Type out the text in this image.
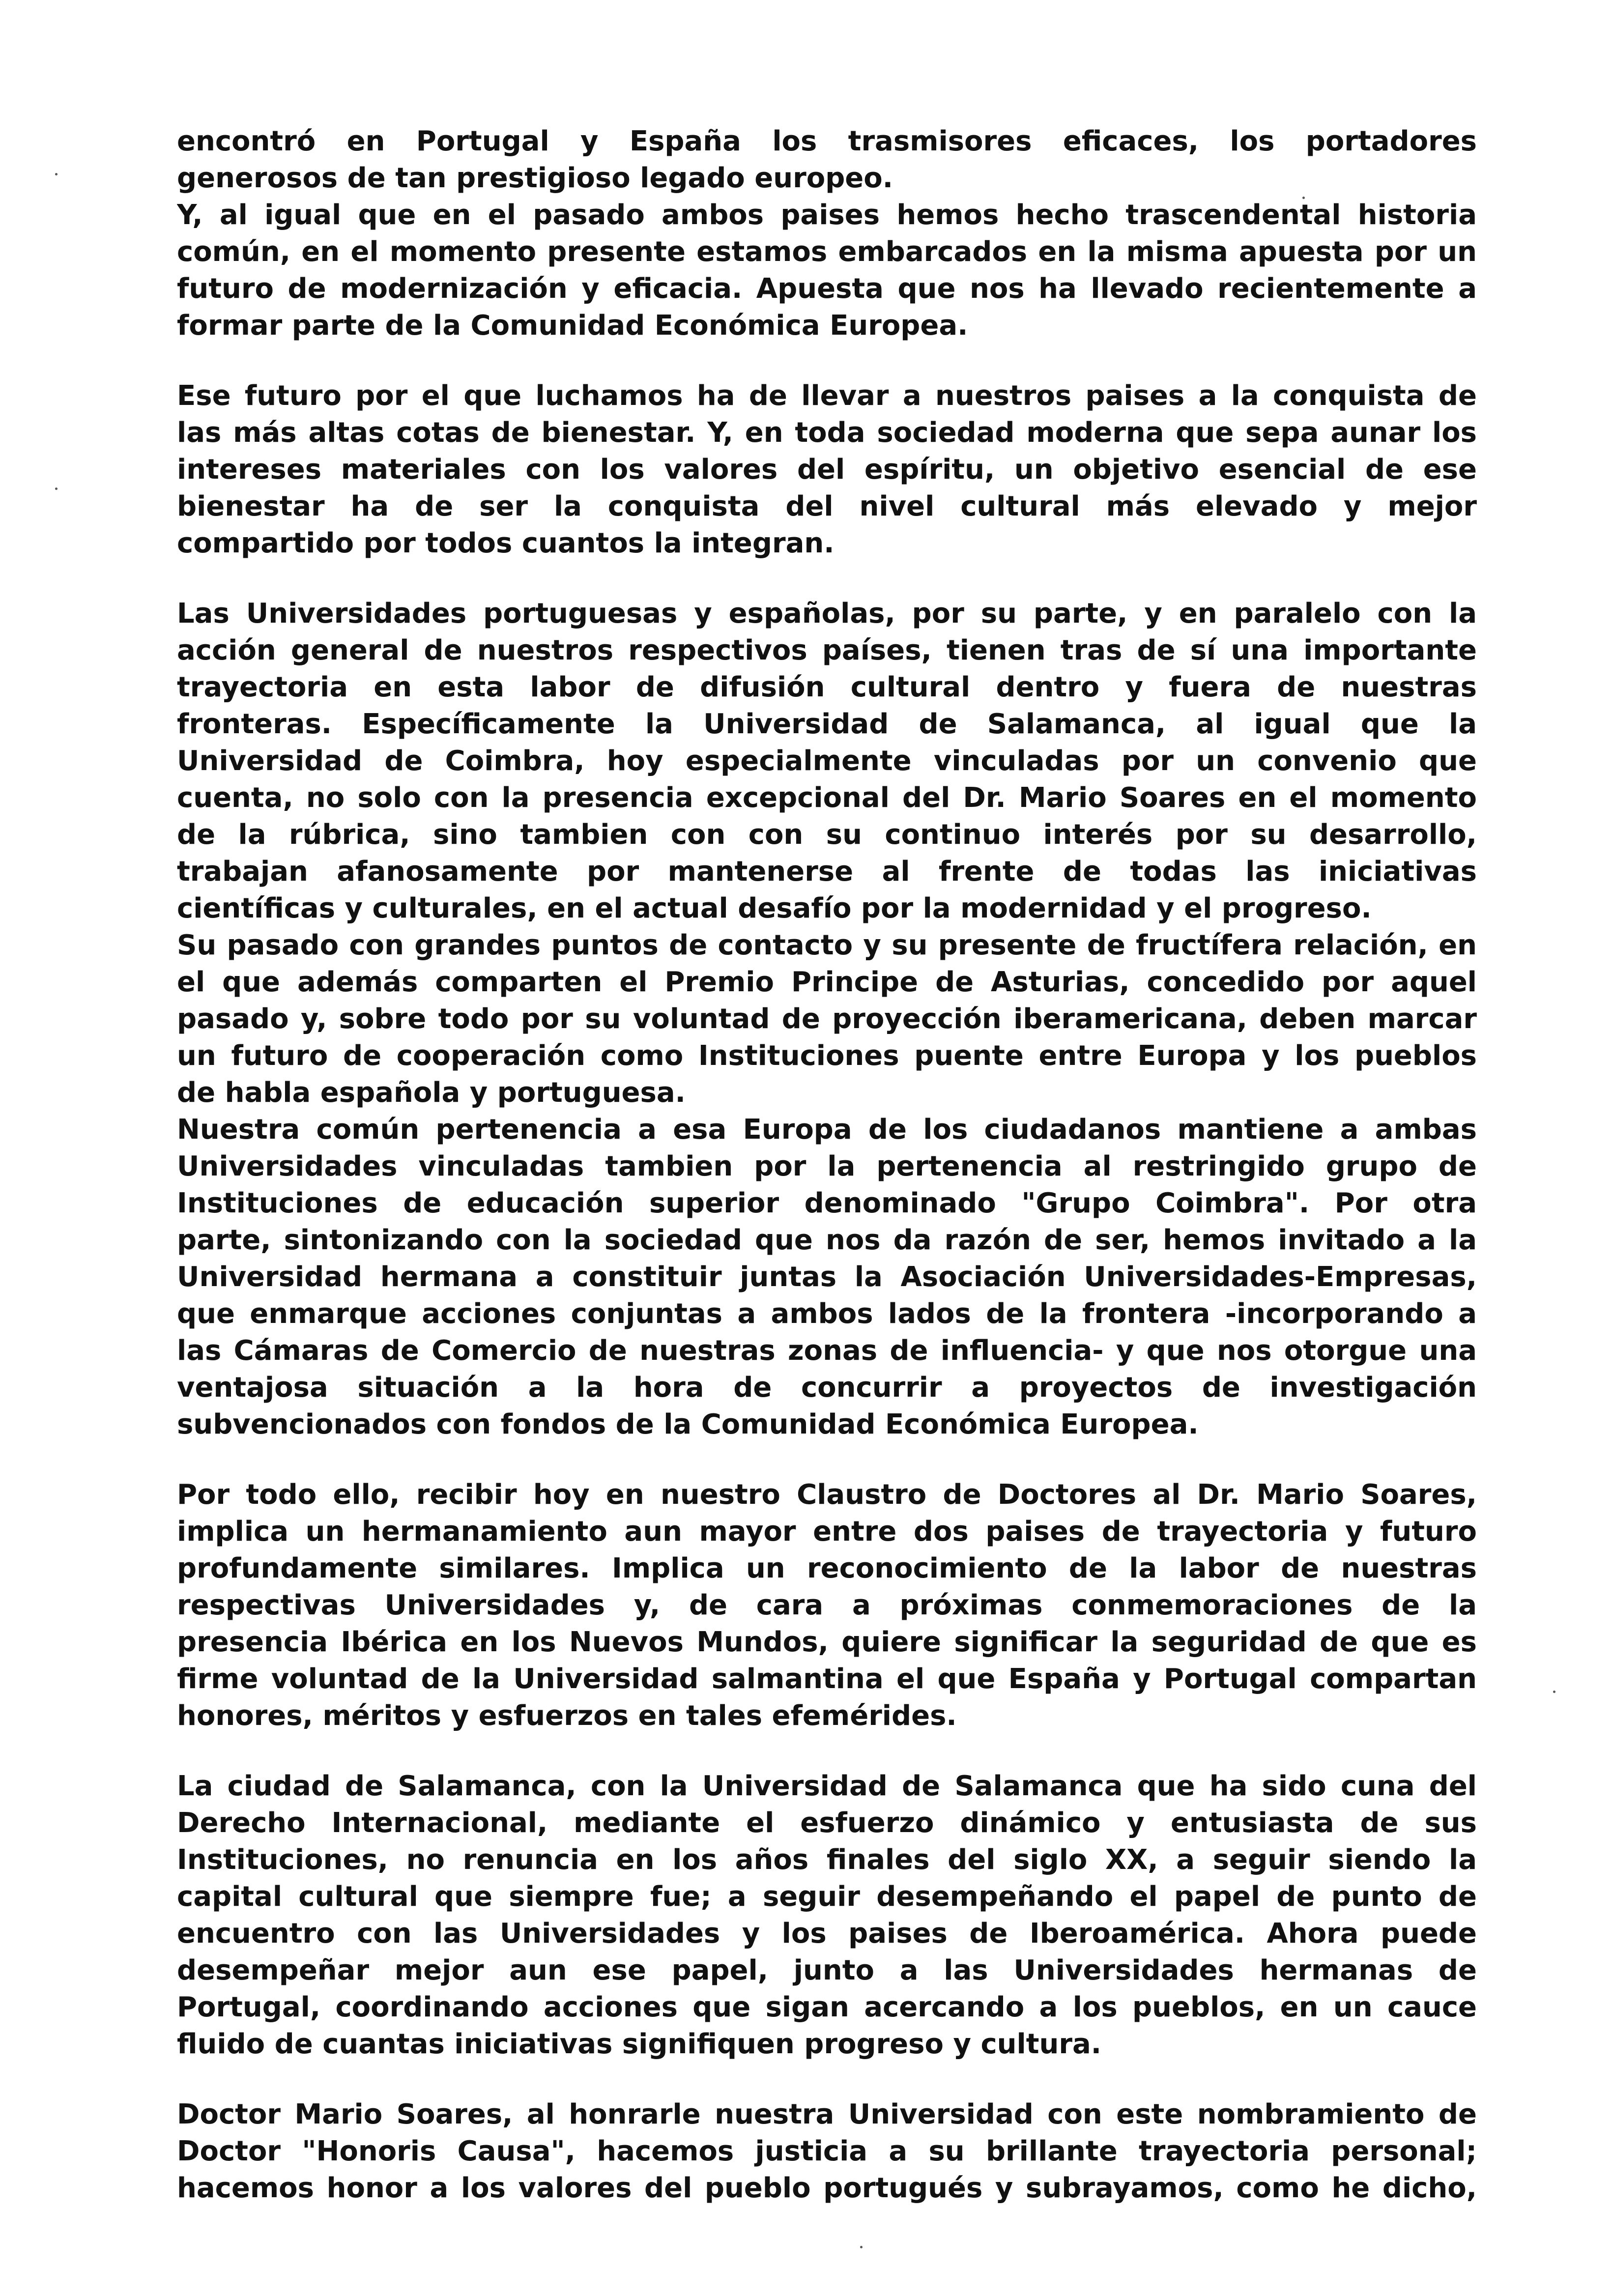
encontró en Portugal y España los trasmisores eficaces, los portadores
generosos de tan prestigioso legado europeo.
Y, al igual que en el pasado ambos paises hemos hecho trascendental historia
común, en el momento presente estamos embarcados en la misma apuesta por un
futuro de modernización y eficacia. Apuesta que nos ha llevado recientemente a
formar parte de la Comunidad Económica Europea.
Ese futuro por el que luchamos ha de llevar a nuestros paises a la conquista de
las más altas cotas de bienestar. Y, en toda sociedad moderna que sepa aunar los
intereses materiales con los valores del espíritu, un objetivo esencial de ese
bienestar ha de ser la conquista del nivel cultural más elevado y mejor
compartido por todos cuantos la integran.
Las Universidades portuguesas y españolas, por su parte, y en paralelo con la
acción general de nuestros respectivos países, tienen tras de sí una importante
trayectoria en esta labor de difusión cultural dentro y fuera de nuestras
fronteras. Específicamente la Universidad de Salamanca, al igual que la
Universidad de Coimbra, hoy especialmente vinculadas por un convenio que
cuenta, no solo con la presencia excepcional del Dr. Mario Soares en el momento
de la rúbrica, sino tambien con con su continuo interés por su desarrollo,
trabajan afanosamente por mantenerse al frente de todas las iniciativas
científicas y culturales, en el actual desafío por la modernidad y el progreso.
Su pasado con grandes puntos de contacto y su presente de fructífera relación, en
el que además comparten el Premio Principe de Asturias, concedido por aquel
pasado y, sobre todo por su voluntad de proyección iberamericana, deben marcar
un futuro de cooperación como Instituciones puente entre Europa y los pueblos
de habla española y portuguesa.
Nuestra común pertenencia a esa Europa de los ciudadanos mantiene a ambas
Universidades vinculadas tambien por la pertenencia al restringido grupo de
Instituciones de educación superior denominado "Grupo Coimbra". Por otra
parte, sintonizando con la sociedad que nos da razón de ser, hemos invitado a la
Universidad hermana a constituir juntas la Asociación Universidades-Empresas,
que enmarque acciones conjuntas a ambos lados de la frontera -incorporando a
las Cámaras de Comercio de nuestras zonas de influencia- y que nos otorgue una
ventajosa situación a la hora de concurrir a proyectos de investigación
subvencionados con fondos de la Comunidad Económica Europea.
Por todo ello, recibir hoy en nuestro Claustro de Doctores al Dr. Mario Soares,
implica un hermanamiento aun mayor entre dos paises de trayectoria y futuro
profundamente similares. Implica un reconocimiento de la labor de nuestras
respectivas Universidades y, de cara a próximas conmemoraciones de la
presencia Ibérica en los Nuevos Mundos, quiere significar la seguridad de que es
firme voluntad de la Universidad salmantina el que España y Portugal compartan
honores, méritos y esfuerzos en tales efemérides.
La ciudad de Salamanca, con la Universidad de Salamanca que ha sido cuna del
Derecho Internacional, mediante el esfuerzo dinámico y entusiasta de sus
Instituciones, no renuncia en los años finales del siglo XX, a seguir siendo la
capital cultural que siempre fue; a seguir desempeñando el papel de punto de
encuentro con las Universidades y los paises de Iberoamérica. Ahora puede
desempeñar mejor aun ese papel, junto a las Universidades hermanas de
Portugal, coordinando acciones que sigan acercando a los pueblos, en un cauce
fluido de cuantas iniciativas signifiquen progreso y cultura.
Doctor Mario Soares, al honrarle nuestra Universidad con este nombramiento de
Doctor "Honoris Causa", hacemos justicia a su brillante trayectoria personal;
hacemos honor a los valores del pueblo portugués y subrayamos, como he dicho,
